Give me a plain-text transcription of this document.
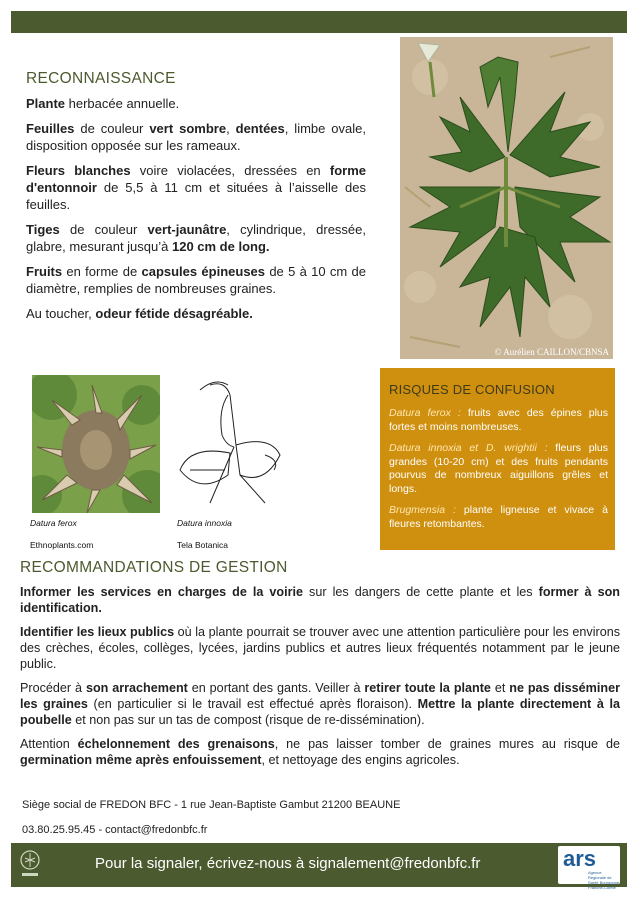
RECONNAISSANCE

Plante herbacée annuelle.

Feuilles de couleur vert sombre, dentées, limbe ovale, disposition opposée sur les rameaux.

Fleurs blanches voire violacées, dressées en forme d'entonnoir de 5,5 à 11 cm et situées à l’aisselle des feuilles.

Tiges de couleur vert-jaunâtre, cylindrique, dressée, glabre, mesurant jusqu’à 120 cm de long.

Fruits en forme de capsules épineuses de 5 à 10 cm de diamètre, remplies de nombreuses graines.

Au toucher, odeur fétide désagréable.

© Aurélien CAILLON/CBNSA
Datura ferox
Ethnoplants.com
Datura innoxia
Tela Botanica
RISQUES DE CONFUSION

Datura ferox : fruits avec des épines plus fortes et moins nombreuses.

Datura innoxia et D. wrightii : fleurs plus grandes (10-20 cm) et des fruits pendants pourvus de nombreux aiguillons grêles et longs.

Brugmensia : plante ligneuse et vivace à fleures retombantes.

RECOMMANDATIONS DE GESTION

Informer les services en charges de la voirie sur les dangers de cette plante et les former à son identification.

Identifier les lieux publics où la plante pourrait se trouver avec une attention particulière pour les environs des crèches, écoles, collèges, lycées, jardins publics et autres lieux fréquentés notamment par le jeune public.

Procéder à son arrachement en portant des gants. Veiller à retirer toute la plante et ne pas disséminer les graines (en particulier si le travail est effectué après floraison). Mettre la plante directement à la poubelle et non pas sur un tas de compost (risque de re-dissémination).

Attention échelonnement des grenaisons, ne pas laisser tomber de graines mures au risque de germination même après enfouissement, et nettoyage des engins agricoles.

Siège social de FREDON BFC - 1 rue Jean-Baptiste Gambut 21200 BEAUNE
03.80.25.95.45 - contact@fredonbfc.fr
Pour la signaler, écrivez-nous à signalement@fredonbfc.fr	ars
Agence Régionale de Santé Bourgogne Franche-Comté
